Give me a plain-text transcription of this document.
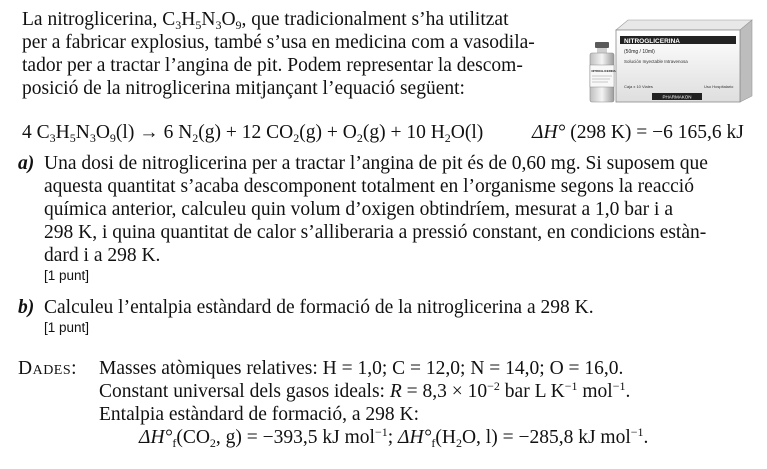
La nitroglicerina, $C_3H_5N_3O_9$, que tradicionalment s’ha utilitzat

per a fabricar explosius, també s’usa en medicina com a vasodila-

tador per a tractar l’angina de pit. Podem representar la descom-

posició de la nitroglicerina mitjançant l’equació següent:

NITROGLICERINA
(50mg / 10ml)
Solución Inyectable Intravenosa
Caja x 10 Viales	Uso Hospitalario
PHARMAKON
NITROGLICERINA
4 $C_3H_5N_3O_9(l) \to 6$ $N_2(g) + 12$ $CO_2(g) + O_2(g) + 10$ $H_2O(l)$ ΔH° (298 K) = −6 165,6 kJ
a) Una dosi de nitroglicerina per a tractar l’angina de pit és de 0,60 mg. Si suposem que
aquesta quantitat s’acaba descomponent totalment en l’organisme segons la reacció
química anterior, calculeu quin volum d’oxigen obtindríem, mesurat a 1,0 bar i a
298 K, i quina quantitat de calor s’alliberaria a pressió constant, en condicions estàn-
dard i a 298 K.
[1 punt]
b) Calculeu l’entalpia estàndard de formació de la nitroglicerina a 298 K.
[1 punt]
Dades: Masses atòmiques relatives: H = 1,0; C = 12,0; N = 14,0; O = 16,0.
Constant universal dels gasos ideals: $R = 8,3 \times 10^{-2}$ bar L $K^{-1}$ mol$^{-1}$.
Entalpia estàndard de formació, a 298 K:
$\Delta H^\circ_f(CO_2$, g) = −393,5 kJ mol$^{-1}$; $\Delta H^\circ_f(H_2O$, l) = −285,8 kJ mol$^{-1}$.
